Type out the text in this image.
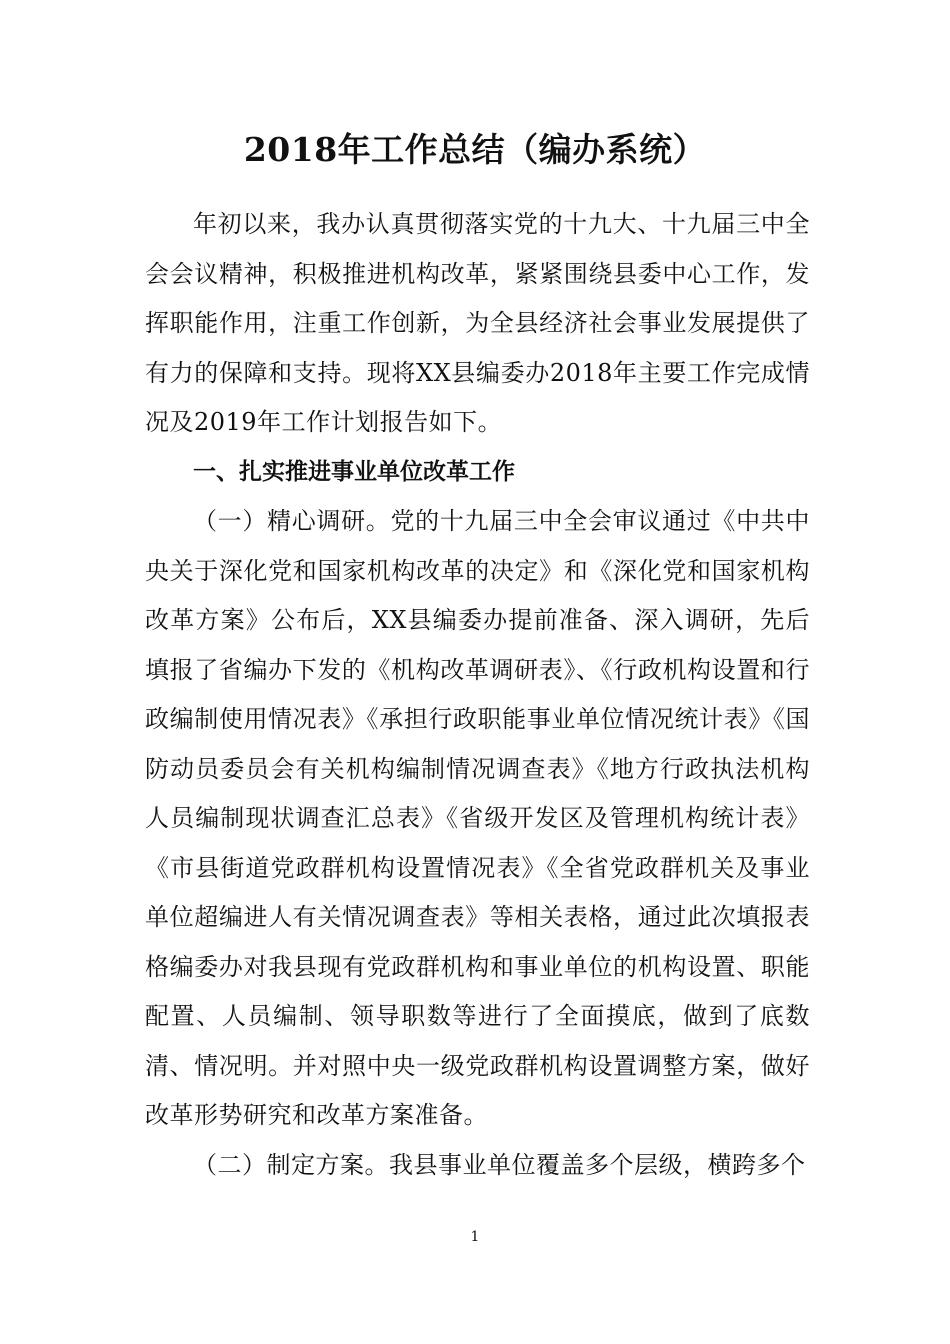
2018年工作总结（编办系统）

年初以来，我办认真贯彻落实党的十九大、十九届三中全会会议精神，积极推进机构改革，紧紧围绕县委中心工作，发挥职能作用，注重工作创新，为全县经济社会事业发展提供了有力的保障和支持。现将XX县编委办2018年主要工作完成情况及2019年工作计划报告如下。

一、扎实推进事业单位改革工作

（一）精心调研。党的十九届三中全会审议通过《中共中央关于深化党和国家机构改革的决定》和《深化党和国家机构改革方案》公布后，XX县编委办提前准备、深入调研，先后填报了省编办下发的《机构改革调研表》、《行政机构设置和行政编制使用情况表》《承担行政职能事业单位情况统计表》《国防动员委员会有关机构编制情况调查表》《地方行政执法机构人员编制现状调查汇总表》《省级开发区及管理机构统计表》《市县街道党政群机构设置情况表》《全省党政群机关及事业单位超编进人有关情况调查表》等相关表格，通过此次填报表格编委办对我县现有党政群机构和事业单位的机构设置、职能配置、人员编制、领导职数等进行了全面摸底，做到了底数清、情况明。并对照中央一级党政群机构设置调整方案，做好改革形势研究和改革方案准备。

（二）制定方案。我县事业单位覆盖多个层级，横跨多个

1
